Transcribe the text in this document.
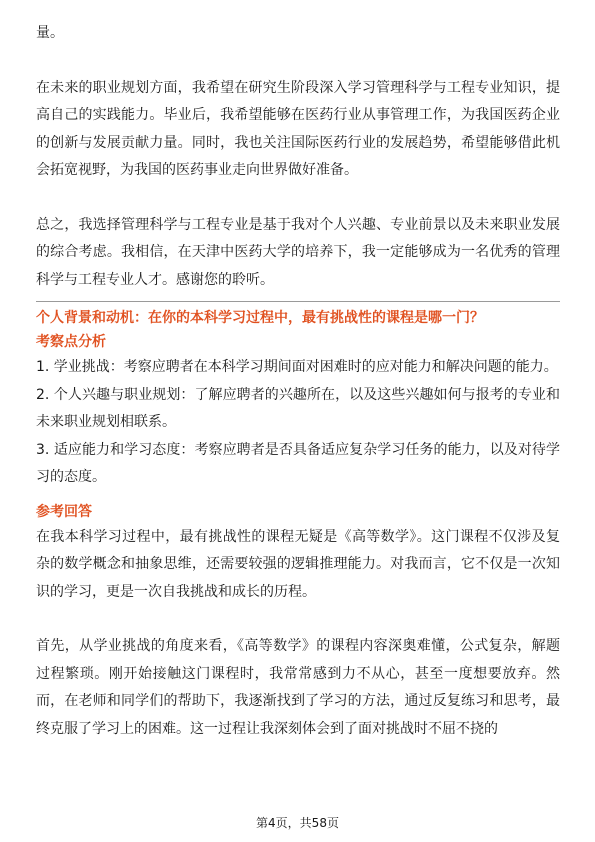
量。

在未来的职业规划方面，我希望在研究生阶段深入学习管理科学与工程专业知识，提高自己的实践能力。毕业后，我希望能够在医药行业从事管理工作，为我国医药企业的创新与发展贡献力量。同时，我也关注国际医药行业的发展趋势，希望能够借此机会拓宽视野，为我国的医药事业走向世界做好准备。

总之，我选择管理科学与工程专业是基于我对个人兴趣、专业前景以及未来职业发展的综合考虑。我相信，在天津中医药大学的培养下，我一定能够成为一名优秀的管理科学与工程专业人才。感谢您的聆听。

个人背景和动机：在你的本科学习过程中，最有挑战性的课程是哪一门？

考察点分析

1. 学业挑战：考察应聘者在本科学习期间面对困难时的应对能力和解决问题的能力。

2. 个人兴趣与职业规划：了解应聘者的兴趣所在，以及这些兴趣如何与报考的专业和未来职业规划相联系。

3. 适应能力和学习态度：考察应聘者是否具备适应复杂学习任务的能力，以及对待学习的态度。

参考回答

在我本科学习过程中，最有挑战性的课程无疑是《高等数学》。这门课程不仅涉及复杂的数学概念和抽象思维，还需要较强的逻辑推理能力。对我而言，它不仅是一次知识的学习，更是一次自我挑战和成长的历程。

首先，从学业挑战的角度来看，《高等数学》的课程内容深奥难懂，公式复杂，解题过程繁琐。刚开始接触这门课程时，我常常感到力不从心，甚至一度想要放弃。然而，在老师和同学们的帮助下，我逐渐找到了学习的方法，通过反复练习和思考，最终克服了学习上的困难。这一过程让我深刻体会到了面对挑战时不屈不挠的

第4页，共58页
